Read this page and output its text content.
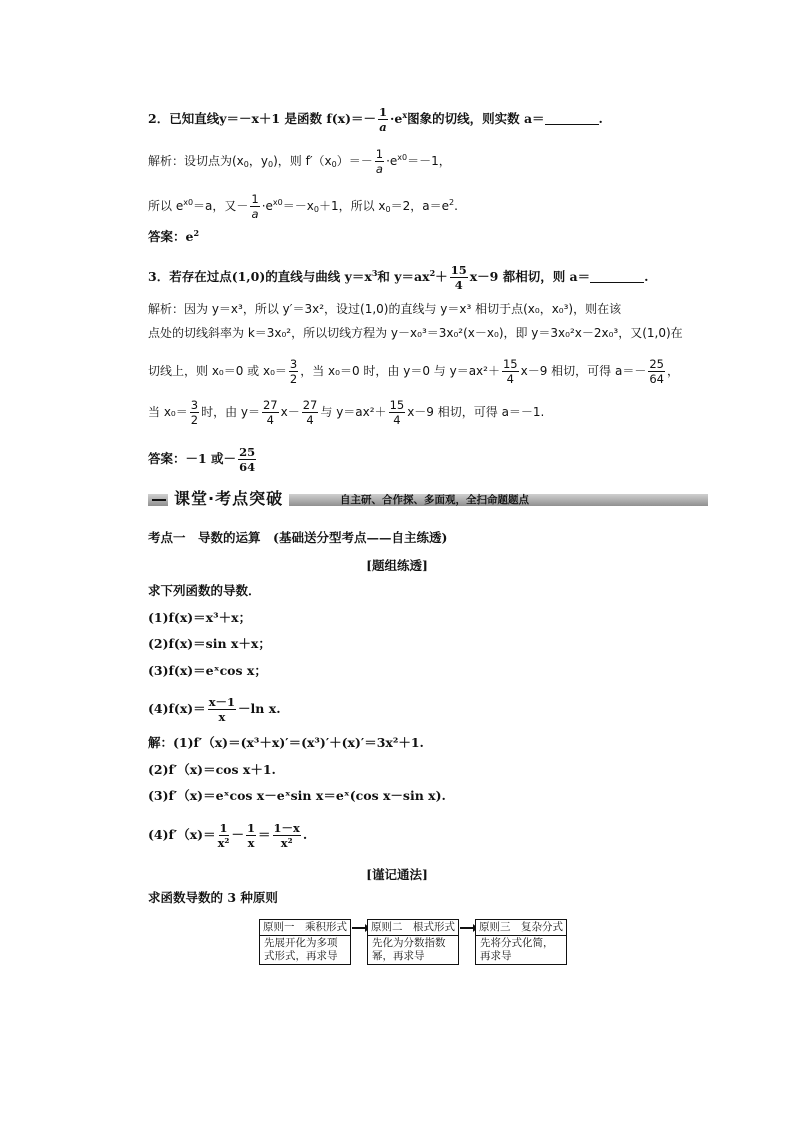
2．已知直线y＝－x＋1 是函数 $f(x)=- \frac{1}{a} \cdot e^x$图象的切线，则实数 a＝	.
解析：设切点为($x_0$，$y_0$)，则 $f'(x_0)=- \frac{1}{a} \cdot e^{x0}=-1$，
所以 $e^{x0}=a$，又－ $\frac{1}{a} \cdot e^{x0}=-x_0+1$，所以 $x_0=2$，$a=e^2$.
答案：$e^2$
3．若存在过点(1,0)的直线与曲线 $y=x^3$和 $y=ax^2+ \frac{15}{4} x-9$ 都相切，则 a＝	.
解析：因为 y＝x³，所以 y′＝3x²，设过(1,0)的直线与 y＝x³ 相切于点(x₀，x₀³)，则在该
点处的切线斜率为 k＝3x₀²，所以切线方程为 y－x₀³＝3x₀²(x－x₀)，即 y＝3x₀²x－2x₀³，又(1,0)在
切线上，则 x₀＝0 或 $x_0= \frac{3}{2}$ ，当 x₀＝0 时，由 y＝0 与 $y=ax^2+ \frac{15}{4} x-9$ 相切，可得 $a=- \frac{25}{64}$ ，
当 $x_0= \frac{3}{2}$ 时，由 $y= \frac{27}{4} x- \frac{27}{4}$ 与 $y=ax^2+ \frac{15}{4} x-9$ 相切，可得 a＝－1.
答案：－1 或－ $\frac{25}{64}$
课堂·考点突破	自主研、合作探、多面观，全扫命题题点
考点一　导数的运算　 (基础送分型考点——自主练透)
[题组练透]
求下列函数的导数．
(1)f(x)＝x³＋x；
(2)f(x)＝sin x＋x；
(3)f(x)＝eˣcos x；
$(4)f(x)= \frac{x-1}{x} -\ln$ x.
解：(1)f′（x)＝(x³＋x)′＝(x³)′＋(x)′＝3x²＋1.
(2)f′（x)＝cos x＋1.
(3)f′（x)＝eˣcos x－eˣsin x＝eˣ(cos x－sin x).
$(4)f'(x)= \frac{1}{\text{x²}} - \frac{1}{x} = \frac{1-x}{\text{x²}}$ .
[谨记通法]
求函数导数的 3 种原则
原则一　乘积形式
先展开化为多项式形式，再求导
原则二　根式形式
先化为分数指数幂，再求导
原则三　复杂分式
先将分式化简，再求导
